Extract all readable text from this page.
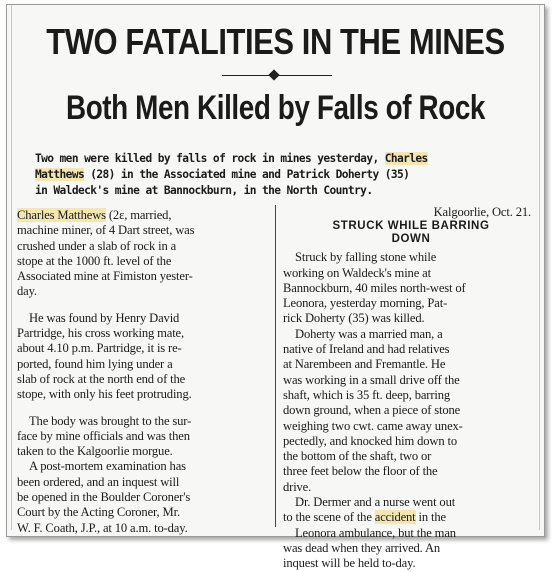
TWO FATALITIES IN THE MINES
Both Men Killed by Falls of Rock
Two men were killed by falls of rock in mines yesterday, Charles
Matthews (28) in the Associated mine and Patrick Doherty (35)
in Waldeck's mine at Bannockburn, in the North Country.
Charles Matthews (2ε, married,
machine miner, of 4 Dart street, was
crushed under a slab of rock in a
stope at the 1000 ft. level of the
Associated mine at Fimiston yester-
day.
He was found by Henry David
Partridge, his cross working mate,
about 4.10 p.m. Partridge, it is re-
ported, found him lying under a
slab of rock at the north end of the
stope, with only his feet protruding.
The body was brought to the sur-
face by mine officials and was then
taken to the Kalgoorlie morgue.
A post-mortem examination has
been ordered, and an inquest will
be opened in the Boulder Coroner's
Court by the Acting Coroner, Mr.
W. F. Coath, J.P., at 10 a.m. to-day.
Kalgoorlie, Oct. 21.
STRUCK WHILE BARRING
DOWN
Struck by falling stone while
working on Waldeck's mine at
Bannockburn, 40 miles north-west of
Leonora, yesterday morning, Pat-
rick Doherty (35) was killed.
Doherty was a married man, a
native of Ireland and had relatives
at Narembeen and Fremantle. He
was working in a small drive off the
shaft, which is 35 ft. deep, barring
down ground, when a piece of stone
weighing two cwt. came away unex-
pectedly, and knocked him down to
the bottom of the shaft, two or
three feet below the floor of the
drive.
Dr. Dermer and a nurse went out
to the scene of the accident in the
Leonora ambulance, but the man
was dead when they arrived. An
inquest will be held to-day.
